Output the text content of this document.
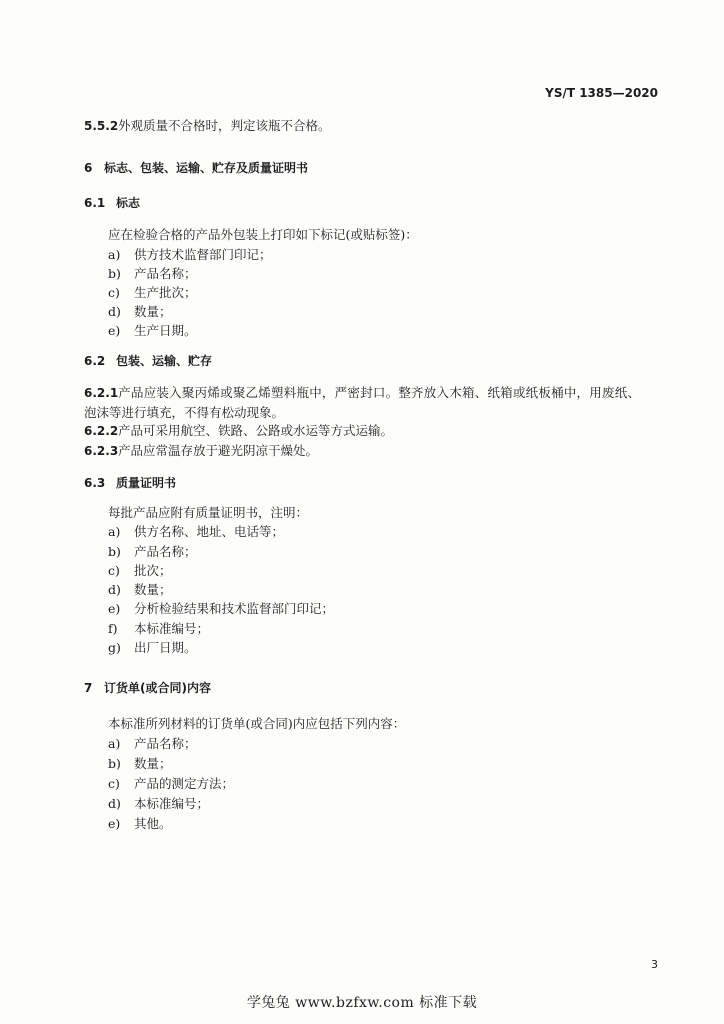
YS/T 1385—2020
5.5.2外观质量不合格时，判定该瓶不合格。
6 标志、包装、运输、贮存及质量证明书
6.1 标志
应在检验合格的产品外包装上打印如下标记(或贴标签)：
a) 供方技术监督部门印记；
b) 产品名称；
c) 生产批次；
d) 数量；
e) 生产日期。
6.2 包装、运输、贮存
6.2.1产品应装入聚丙烯或聚乙烯塑料瓶中，严密封口。整齐放入木箱、纸箱或纸板桶中，用废纸、泡沫等进行填充，不得有松动现象。
6.2.2产品可采用航空、铁路、公路或水运等方式运输。
6.2.3产品应常温存放于避光阴凉干燥处。
6.3 质量证明书
每批产品应附有质量证明书，注明：
a) 供方名称、地址、电话等；
b) 产品名称；
c) 批次；
d) 数量；
e) 分析检验结果和技术监督部门印记；
f) 本标准编号；
g) 出厂日期。
7 订货单(或合同)内容
本标准所列材料的订货单(或合同)内应包括下列内容：
a) 产品名称；
b) 数量；
c) 产品的测定方法；
d) 本标准编号；
e) 其他。
3
学兔兔 www.bzfxw.com 标准下载
